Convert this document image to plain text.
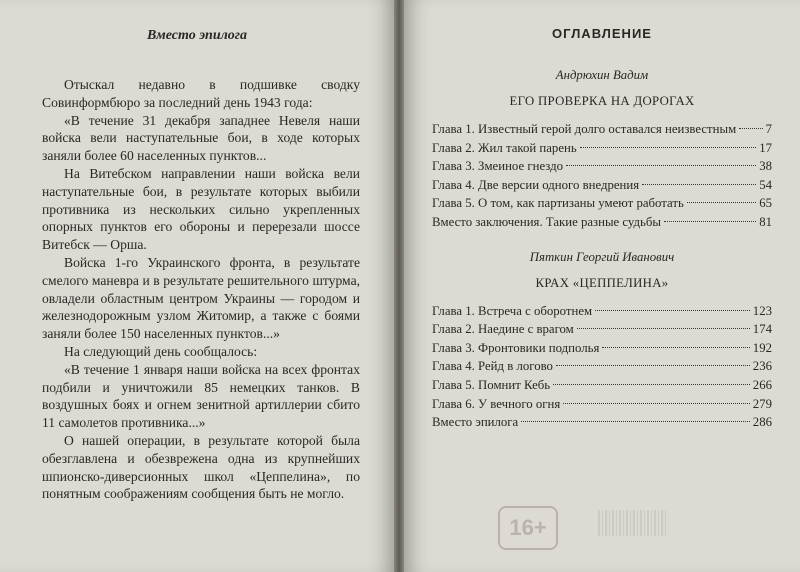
Вместо эпилога

Отыскал недавно в подшивке сводку Совинформбюро за последний день 1943 года:

«В течение 31 декабря западнее Невеля наши войска вели наступательные бои, в ходе которых заняли более 60 населенных пунктов...

На Витебском направлении наши войска вели наступательные бои, в результате которых выбили противника из нескольких сильно укрепленных опорных пунктов его обороны и перерезали шоссе Витебск — Орша.

Войска 1-го Украинского фронта, в результате смелого маневра и в результате решительного штурма, овладели областным центром Украины — городом и железнодорожным узлом Житомир, а также с боями заняли более 150 населенных пунктов...»

На следующий день сообщалось:

«В течение 1 января наши войска на всех фронтах подбили и уничтожили 85 немецких танков. В воздушных боях и огнем зенитной артиллерии сбито 11 самолетов противника...»

О нашей операции, в результате которой была обезглавлена и обезврежена одна из крупнейших шпионско-диверсионных школ «Цеппелина», по понятным соображениям сообщения быть не могло.

ОГЛАВЛЕНИЕ
Андрюхин Вадим
ЕГО ПРОВЕРКА НА ДОРОГАХ
Глава 1. Известный герой долго оставался неизвестным 7
Глава 2. Жил такой парень	17
Глава 3. Змеиное гнездо	38
Глава 4. Две версии одного внедрения	54
Глава 5. О том, как партизаны умеют работать	65
Вместо заключения. Такие разные судьбы	81
Пяткин Георгий Иванович
КРАХ «ЦЕППЕЛИНА»
Глава 1. Встреча с оборотнем	123
Глава 2. Наедине с врагом	174
Глава 3. Фронтовики подполья	192
Глава 4. Рейд в логово	236
Глава 5. Помнит Кебь	266
Глава 6. У вечного огня	279
Вместо эпилога	286
16+
